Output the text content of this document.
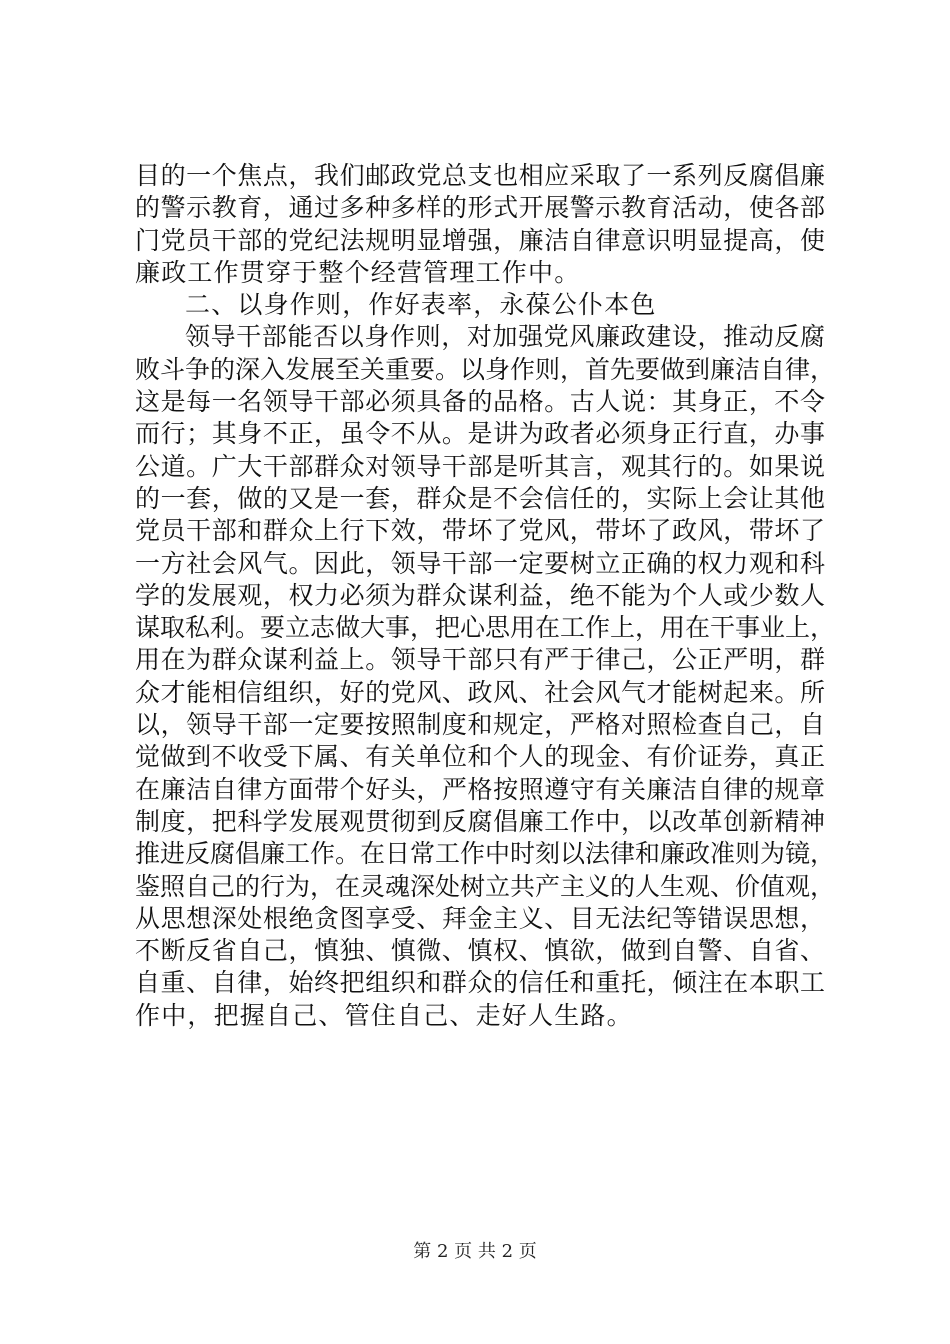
目的一个焦点，我们邮政党总支也相应采取了一系列反腐倡廉
的警示教育，通过多种多样的形式开展警示教育活动，使各部
门党员干部的党纪法规明显增强，廉洁自律意识明显提高，使
廉政工作贯穿于整个经营管理工作中。
二、以身作则，作好表率，永葆公仆本色
领导干部能否以身作则，对加强党风廉政建设，推动反腐
败斗争的深入发展至关重要。以身作则，首先要做到廉洁自律，
这是每一名领导干部必须具备的品格。古人说：其身正，不令
而行；其身不正，虽令不从。是讲为政者必须身正行直，办事
公道。广大干部群众对领导干部是听其言，观其行的。如果说
的一套，做的又是一套，群众是不会信任的，实际上会让其他
党员干部和群众上行下效，带坏了党风，带坏了政风，带坏了
一方社会风气。因此，领导干部一定要树立正确的权力观和科
学的发展观，权力必须为群众谋利益，绝不能为个人或少数人
谋取私利。要立志做大事，把心思用在工作上，用在干事业上，
用在为群众谋利益上。领导干部只有严于律己，公正严明，群
众才能相信组织，好的党风、政风、社会风气才能树起来。所
以，领导干部一定要按照制度和规定，严格对照检查自己，自
觉做到不收受下属、有关单位和个人的现金、有价证券，真正
在廉洁自律方面带个好头，严格按照遵守有关廉洁自律的规章
制度，把科学发展观贯彻到反腐倡廉工作中，以改革创新精神
推进反腐倡廉工作。在日常工作中时刻以法律和廉政准则为镜，
鉴照自己的行为，在灵魂深处树立共产主义的人生观、价值观，
从思想深处根绝贪图享受、拜金主义、目无法纪等错误思想，
不断反省自己，慎独、慎微、慎权、慎欲，做到自警、自省、
自重、自律，始终把组织和群众的信任和重托，倾注在本职工
作中，把握自己、管住自己、走好人生路。
第 2 页 共 2 页
